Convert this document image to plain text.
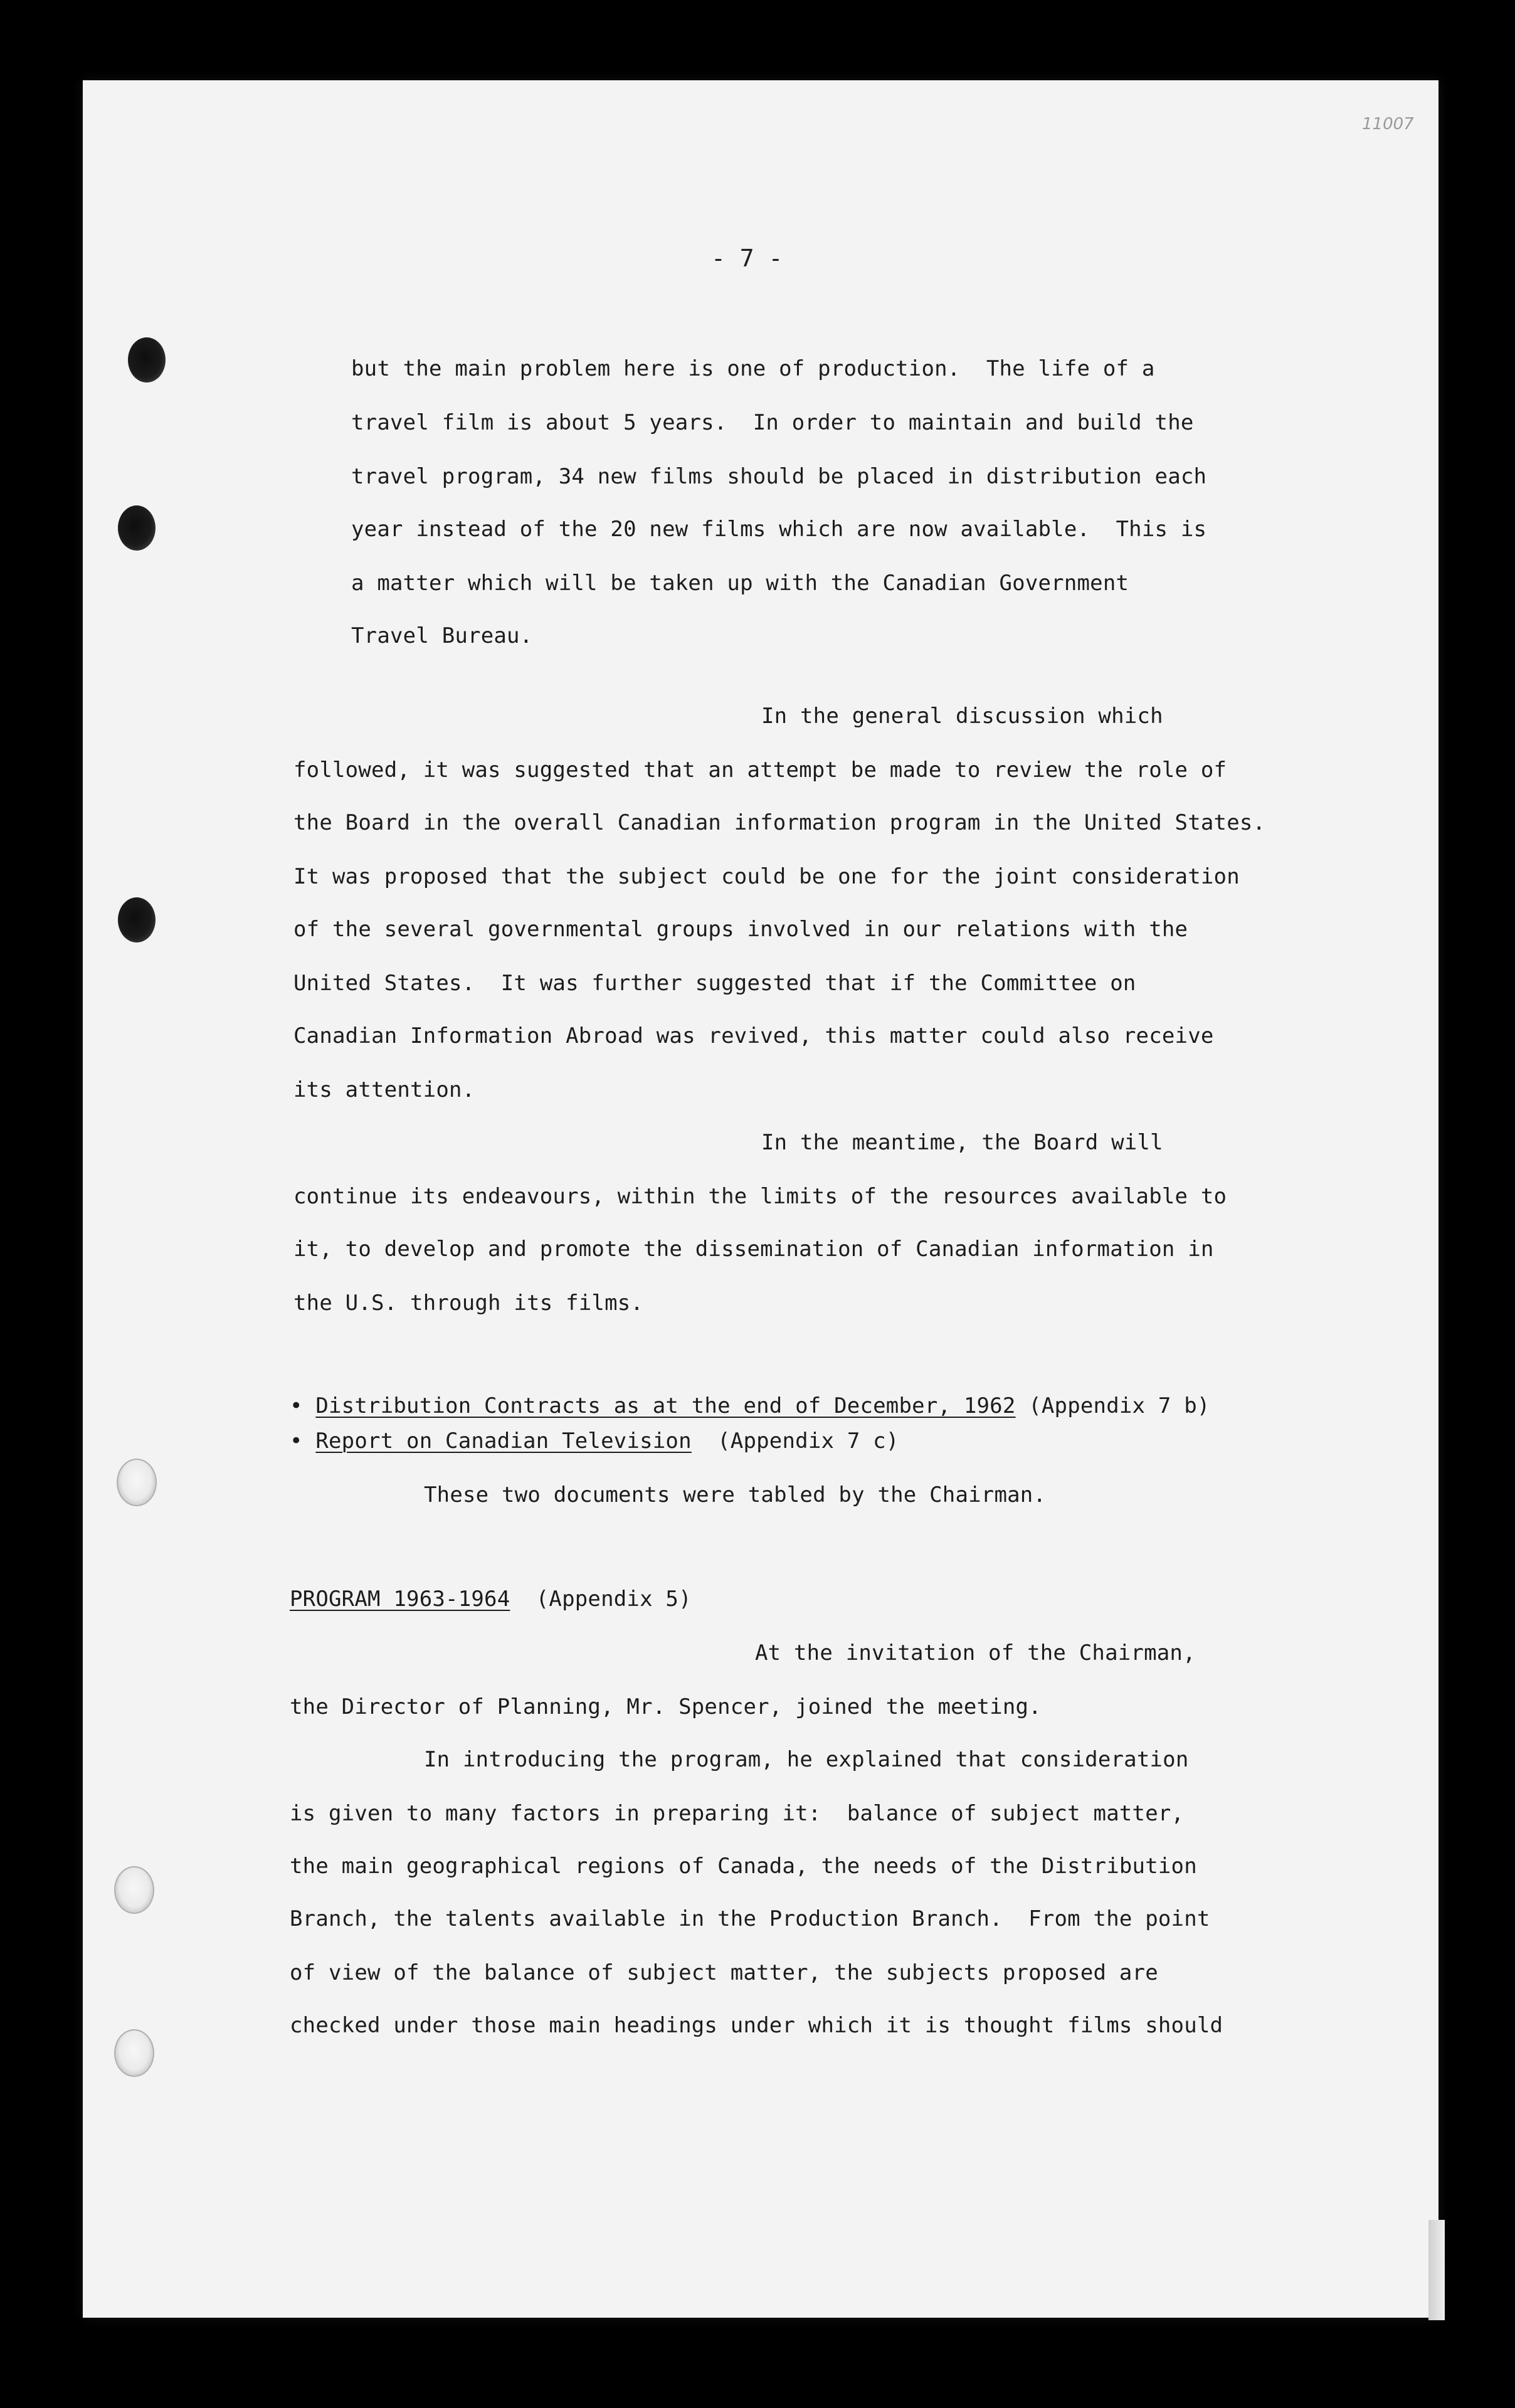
11007
- 7 -
but the main problem here is one of production.  The life of a
travel film is about 5 years.  In order to maintain and build the
travel program, 34 new films should be placed in distribution each
year instead of the 20 new films which are now available.  This is
a matter which will be taken up with the Canadian Government
Travel Bureau.
In the general discussion which
followed, it was suggested that an attempt be made to review the role of
the Board in the overall Canadian information program in the United States.
It was proposed that the subject could be one for the joint consideration
of the several governmental groups involved in our relations with the
United States.  It was further suggested that if the Committee on
Canadian Information Abroad was revived, this matter could also receive
its attention.
In the meantime, the Board will
continue its endeavours, within the limits of the resources available to
it, to develop and promote the dissemination of Canadian information in
the U.S. through its films.
• Distribution Contracts as at the end of December, 1962 (Appendix 7 b)
• Report on Canadian Television (Appendix 7 c)
These two documents were tabled by the Chairman.
PROGRAM 1963-1964 (Appendix 5)
At the invitation of the Chairman,
the Director of Planning, Mr. Spencer, joined the meeting.
In introducing the program, he explained that consideration
is given to many factors in preparing it:  balance of subject matter,
the main geographical regions of Canada, the needs of the Distribution
Branch, the talents available in the Production Branch.  From the point
of view of the balance of subject matter, the subjects proposed are
checked under those main headings under which it is thought films should
